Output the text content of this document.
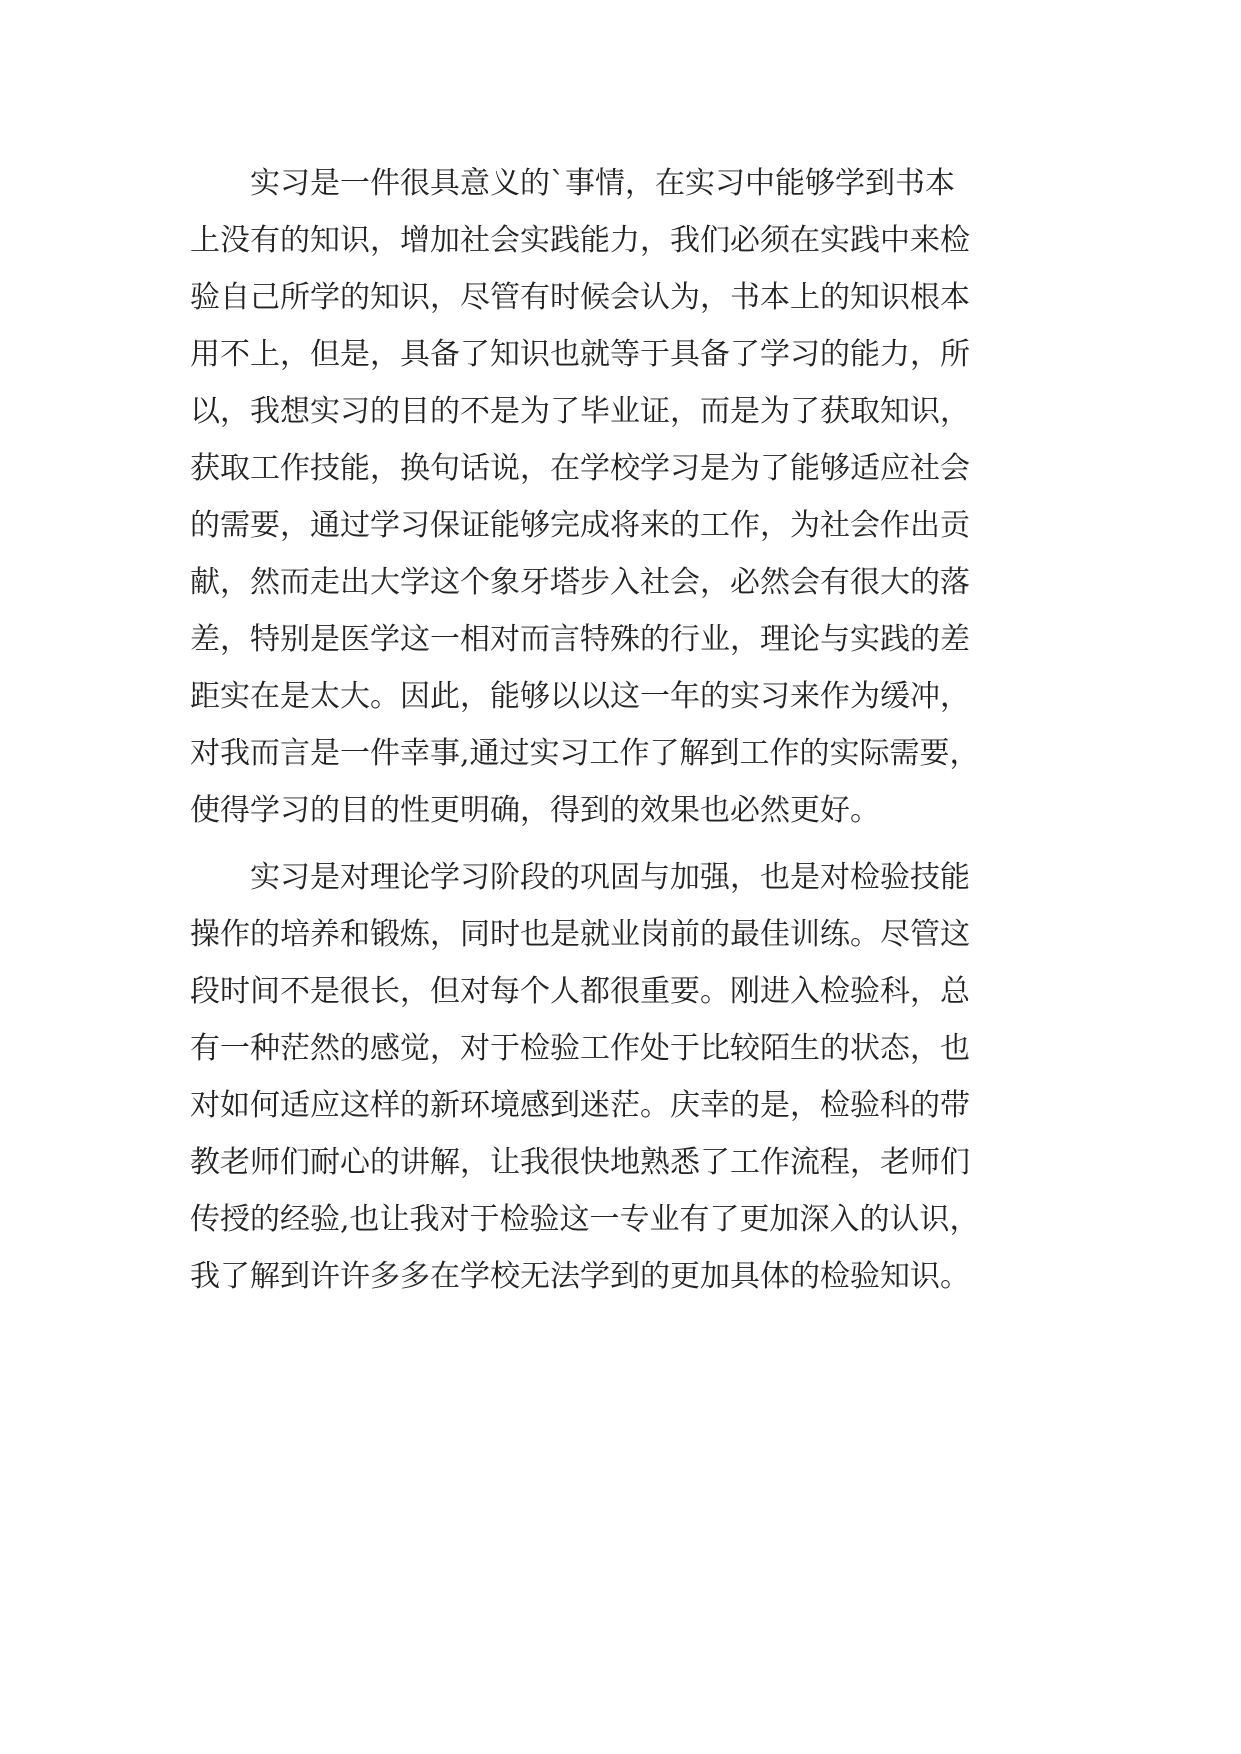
　　实习是一件很具意义的`事情，在实习中能够学到书本
上没有的知识，增加社会实践能力，我们必须在实践中来检
验自己所学的知识，尽管有时候会认为，书本上的知识根本
用不上，但是，具备了知识也就等于具备了学习的能力，所
以，我想实习的目的不是为了毕业证，而是为了获取知识，
获取工作技能，换句话说，在学校学习是为了能够适应社会
的需要，通过学习保证能够完成将来的工作，为社会作出贡
献，然而走出大学这个象牙塔步入社会，必然会有很大的落
差，特别是医学这一相对而言特殊的行业，理论与实践的差
距实在是太大。因此，能够以以这一年的实习来作为缓冲，
对我而言是一件幸事,通过实习工作了解到工作的实际需要，
使得学习的目的性更明确，得到的效果也必然更好。
　　实习是对理论学习阶段的巩固与加强，也是对检验技能
操作的培养和锻炼，同时也是就业岗前的最佳训练。尽管这
段时间不是很长，但对每个人都很重要。刚进入检验科，总
有一种茫然的感觉，对于检验工作处于比较陌生的状态，也
对如何适应这样的新环境感到迷茫。庆幸的是，检验科的带
教老师们耐心的讲解，让我很快地熟悉了工作流程，老师们
传授的经验,也让我对于检验这一专业有了更加深入的认识，
我了解到许许多多在学校无法学到的更加具体的检验知识。
